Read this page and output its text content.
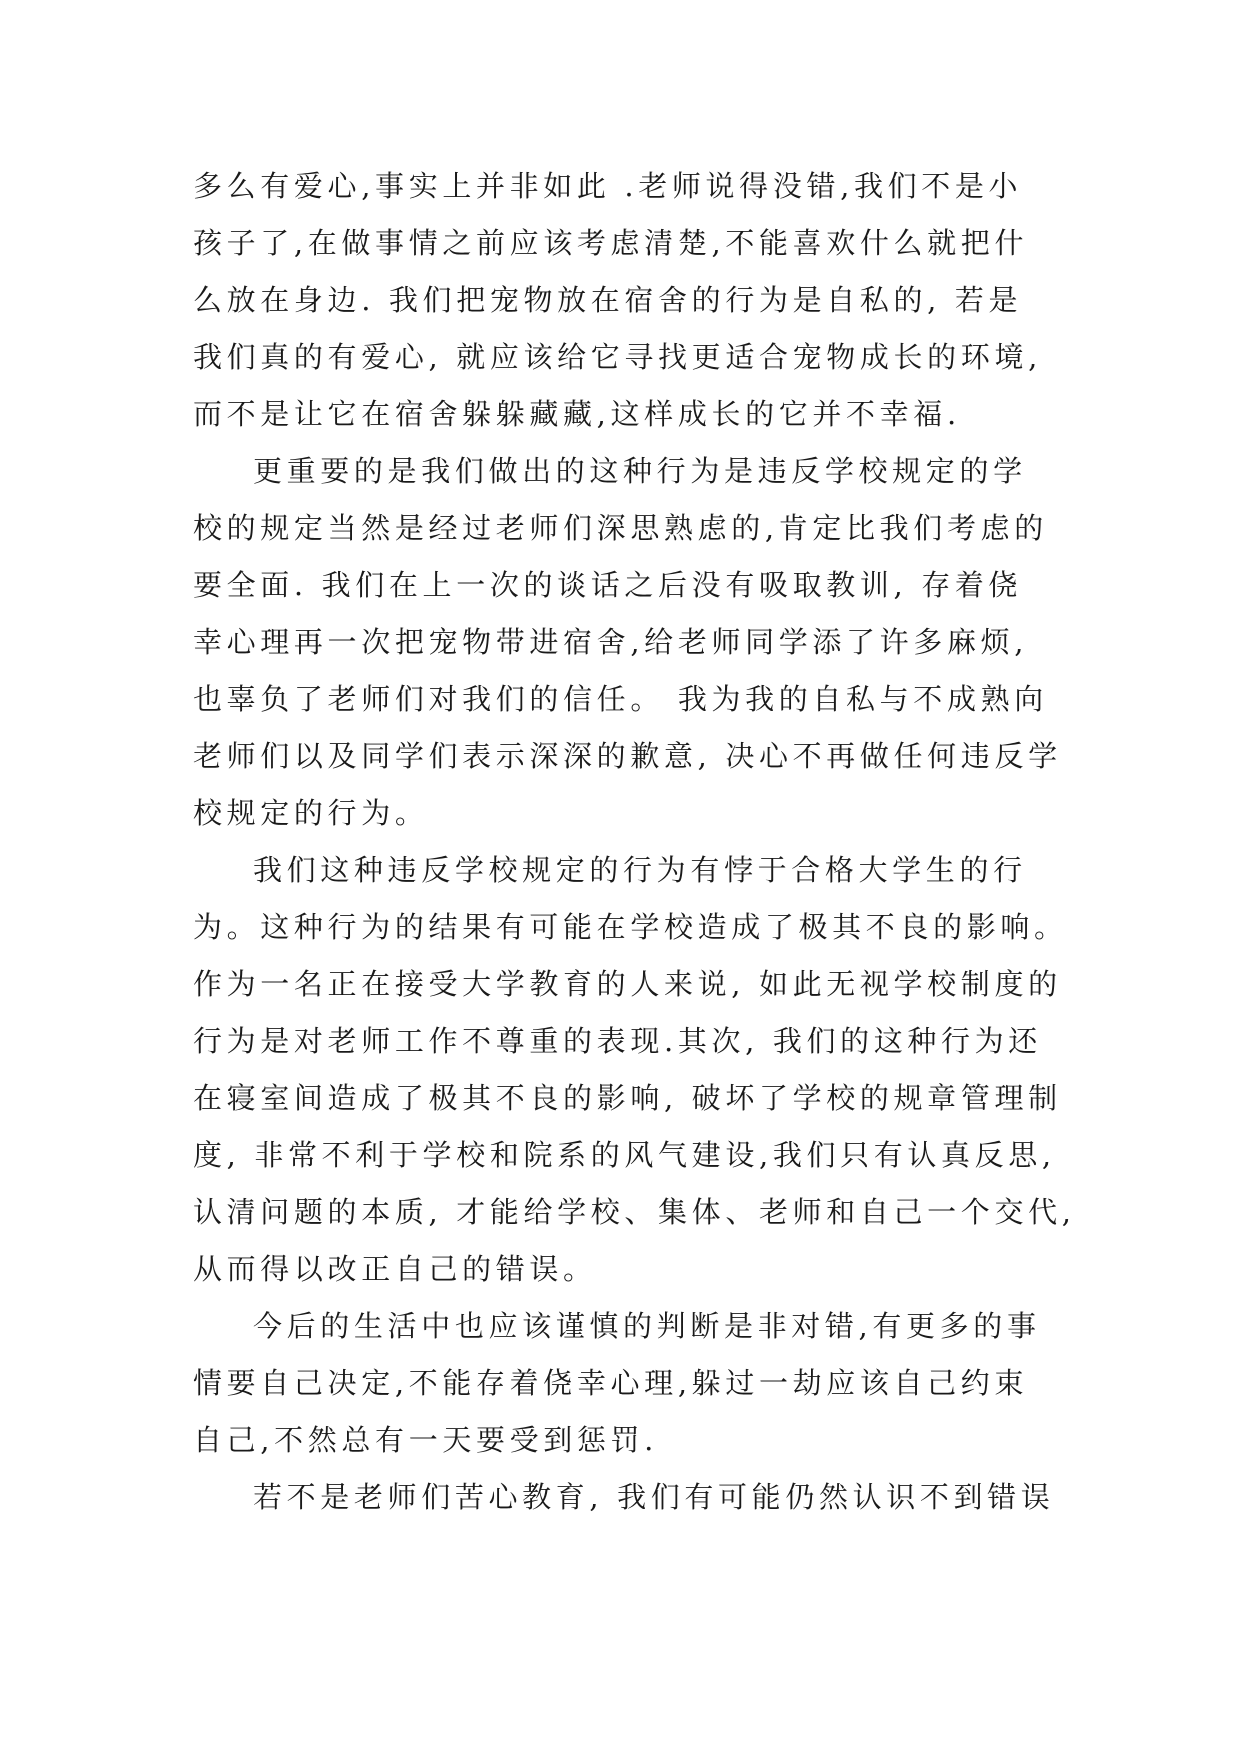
多么有爱心,事实上并非如此 .老师说得没错,我们不是小
孩子了,在做事情之前应该考虑清楚,不能喜欢什么就把什
么放在身边. 我们把宠物放在宿舍的行为是自私的, 若是
我们真的有爱心, 就应该给它寻找更适合宠物成长的环境,
而不是让它在宿舍躲躲藏藏,这样成长的它并不幸福.
更重要的是我们做出的这种行为是违反学校规定的学
校的规定当然是经过老师们深思熟虑的,肯定比我们考虑的
要全面. 我们在上一次的谈话之后没有吸取教训, 存着侥
幸心理再一次把宠物带进宿舍,给老师同学添了许多麻烦,
也辜负了老师们对我们的信任。 我为我的自私与不成熟向
老师们以及同学们表示深深的歉意, 决心不再做任何违反学
校规定的行为。
我们这种违反学校规定的行为有悖于合格大学生的行
为。这种行为的结果有可能在学校造成了极其不良的影响。
作为一名正在接受大学教育的人来说, 如此无视学校制度的
行为是对老师工作不尊重的表现.其次, 我们的这种行为还
在寝室间造成了极其不良的影响, 破坏了学校的规章管理制
度, 非常不利于学校和院系的风气建设,我们只有认真反思,
认清问题的本质, 才能给学校、集体、老师和自己一个交代,
从而得以改正自己的错误。
今后的生活中也应该谨慎的判断是非对错,有更多的事
情要自己决定,不能存着侥幸心理,躲过一劫应该自己约束
自己,不然总有一天要受到惩罚.
若不是老师们苦心教育, 我们有可能仍然认识不到错误
